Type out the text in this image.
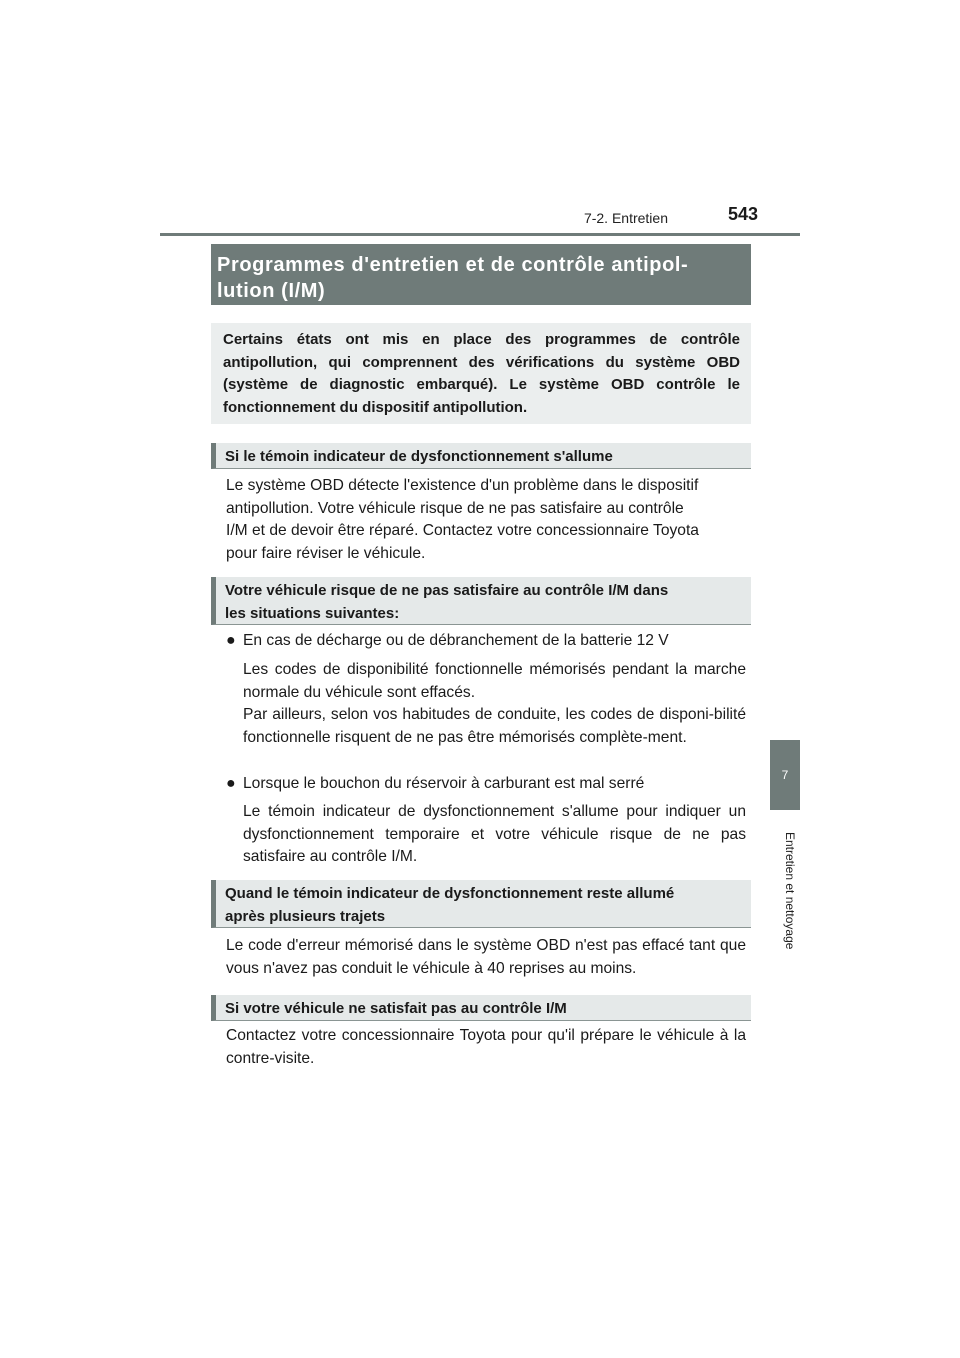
7-2. Entretien	543
7
Entretien et nettoyage
Programmes d'entretien et de contrôle antipol-
lution (I/M)
Certains états ont mis en place des programmes de contrôle antipollution, qui comprennent des vérifications du système OBD (système de diagnostic embarqué). Le système OBD contrôle le fonctionnement du dispositif antipollution.
Si le témoin indicateur de dysfonctionnement s'allume
Le système OBD détecte l'existence d'un problème dans le dispositif
antipollution. Votre véhicule risque de ne pas satisfaire au contrôle
I/M et de devoir être réparé. Contactez votre concessionnaire Toyota
pour faire réviser le véhicule.
Votre véhicule risque de ne pas satisfaire au contrôle I/M dans
les situations suivantes:
● En cas de décharge ou de débranchement de la batterie 12 V

Les codes de disponibilité fonctionnelle mémorisés pendant la marche normale du véhicule sont effacés.

Par ailleurs, selon vos habitudes de conduite, les codes de disponi-bilité fonctionnelle risquent de ne pas être mémorisés complète-ment.

● Lorsque le bouchon du réservoir à carburant est mal serré

Le témoin indicateur de dysfonctionnement s'allume pour indiquer un dysfonctionnement temporaire et votre véhicule risque de ne pas satisfaire au contrôle I/M.

Quand le témoin indicateur de dysfonctionnement reste allumé
après plusieurs trajets
Le code d'erreur mémorisé dans le système OBD n'est pas effacé tant que vous n'avez pas conduit le véhicule à 40 reprises au moins.
Si votre véhicule ne satisfait pas au contrôle I/M
Contactez votre concessionnaire Toyota pour qu'il prépare le véhicule à la contre-visite.
